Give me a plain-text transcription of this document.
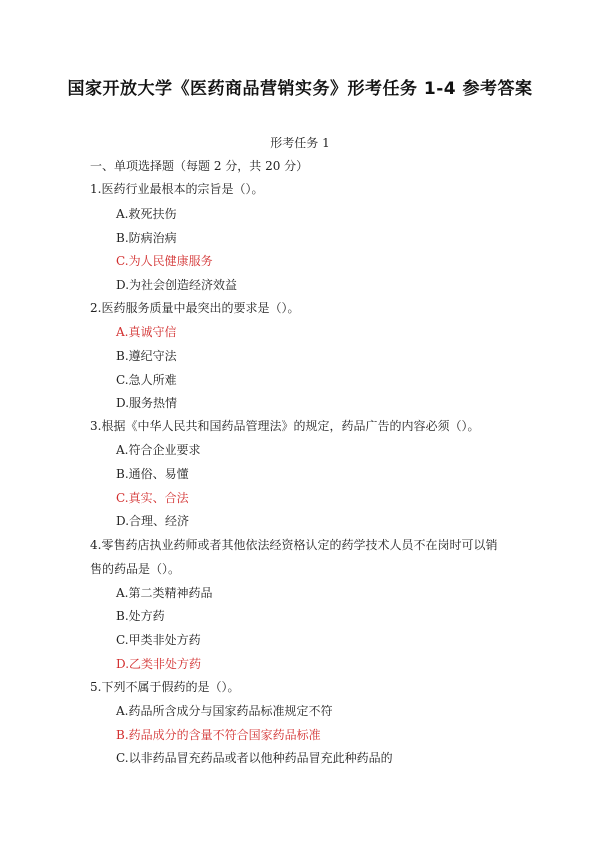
国家开放大学《医药商品营销实务》形考任务 1-4 参考答案
形考任务 1
一、单项选择题（每题 2 分，共 20 分）
1.医药行业最根本的宗旨是（）。
A.救死扶伤
B.防病治病
C.为人民健康服务
D.为社会创造经济效益
2.医药服务质量中最突出的要求是（）。
A.真诚守信
B.遵纪守法
C.急人所难
D.服务热情
3.根据《中华人民共和国药品管理法》的规定，药品广告的内容必须（）。
A.符合企业要求
B.通俗、易懂
C.真实、合法
D.合理、经济
4.零售药店执业药师或者其他依法经资格认定的药学技术人员不在岗时可以销
售的药品是（）。
A.第二类精神药品
B.处方药
C.甲类非处方药
D.乙类非处方药
5.下列不属于假药的是（）。
A.药品所含成分与国家药品标准规定不符
B.药品成分的含量不符合国家药品标准
C.以非药品冒充药品或者以他种药品冒充此种药品的
